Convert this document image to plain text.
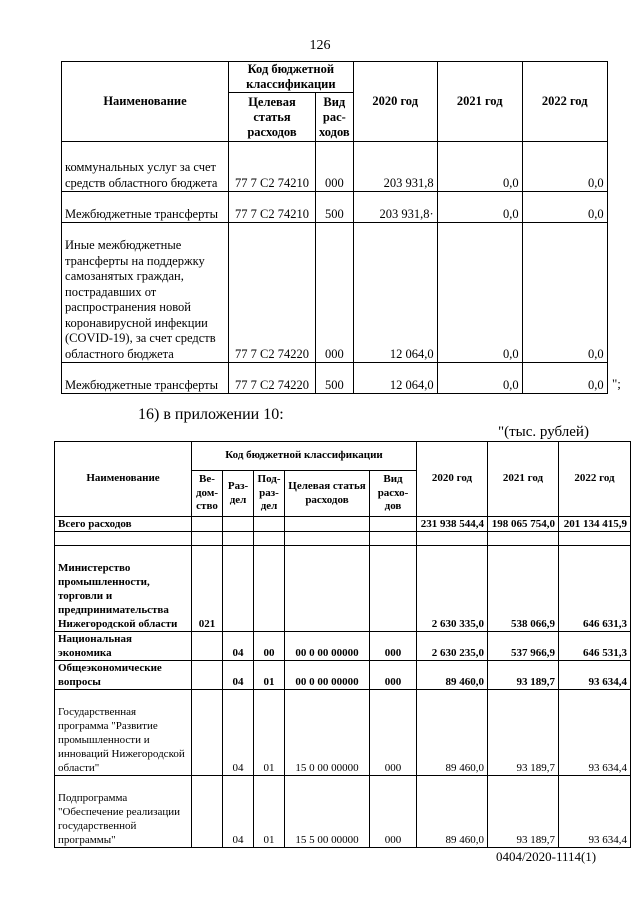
126
Наименование	Код бюджетной классификации		2020 год	2021 год	2022 год
	Целевая статья расходов	Вид рас-ходов			
коммунальных услуг за счет средств областного бюджета	77 7 С2 74210	000	203 931,8	0,0	0,0
Межбюджетные трансферты	77 7 С2 74210	500	203 931,8·	0,0	0,0
Иные межбюджетные трансферты на поддержку самозанятых граждан, пострадавших от распространения новой коронавирусной инфекции (COVID-19), за счет средств областного бюджета	77 7 С2 74220	000	12 064,0	0,0	0,0
Межбюджетные трансферты	77 7 С2 74220	500	12 064,0	0,0	0,0 ";
16) в приложении 10:
"(тыс. рублей)
Наименование	Код бюджетной классификации					2020 год	2021 год	2022 год
	Ве-дом-ство	Раз-дел	Под-раз-дел	Целевая статья расходов	Вид расхо-дов			
Всего расходов						231 938 544,4	198 065 754,0	201 134 415,9

Министерство промышленности, торговли и предпринимательства Нижегородской области	021					2 630 335,0	538 066,9	646 631,3
Национальная экономика		04	00	00 0 00 00000	000	2 630 235,0	537 966,9	646 531,3
Общеэкономические вопросы		04	01	00 0 00 00000	000	89 460,0	93 189,7	93 634,4
Государственная программа "Развитие промышленности и инноваций Нижегородской области"		04	01	15 0 00 00000	000	89 460,0	93 189,7	93 634,4
Подпрограмма "Обеспечение реализации государственной программы"		04	01	15 5 00 00000	000	89 460,0	93 189,7	93 634,4
0404/2020-1114(1)
